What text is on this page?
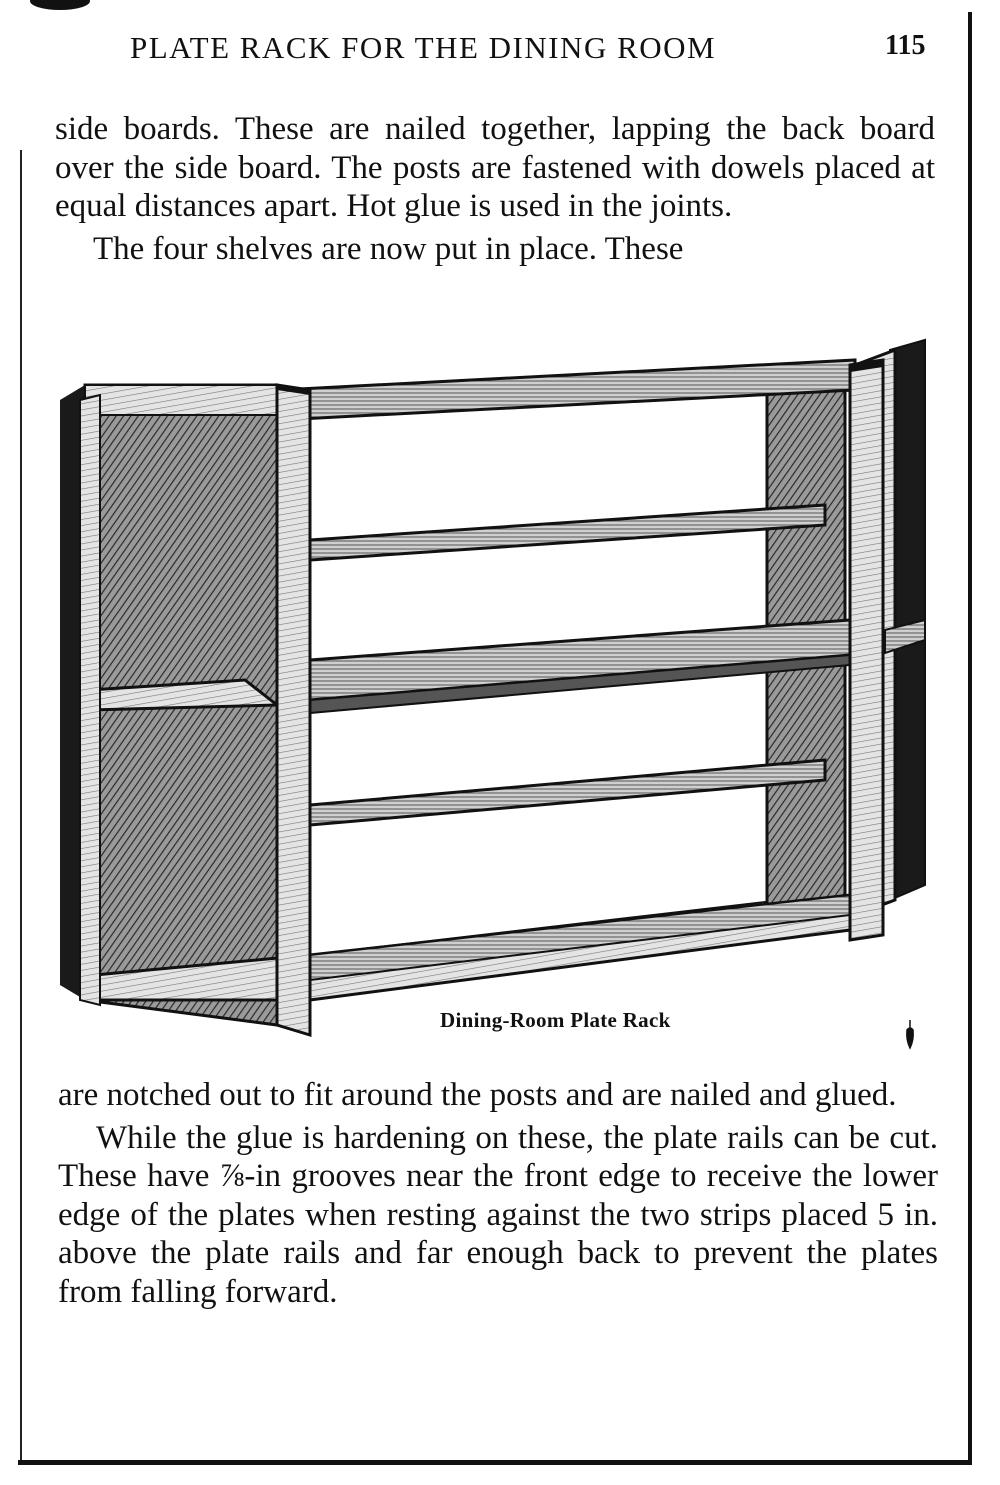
PLATE RACK FOR THE DINING ROOM	115

side boards. These are nailed together, lapping the back board over the side board. The posts are fastened with dowels placed at equal distances apart. Hot glue is used in the joints.

The four shelves are now put in place. These

Dining-Room Plate Rack

are notched out to fit around the posts and are nailed and glued.

While the glue is hardening on these, the plate rails can be cut. These have ⅞-in grooves near the front edge to receive the lower edge of the plates when resting against the two strips placed 5 in. above the plate rails and far enough back to prevent the plates from falling forward.
